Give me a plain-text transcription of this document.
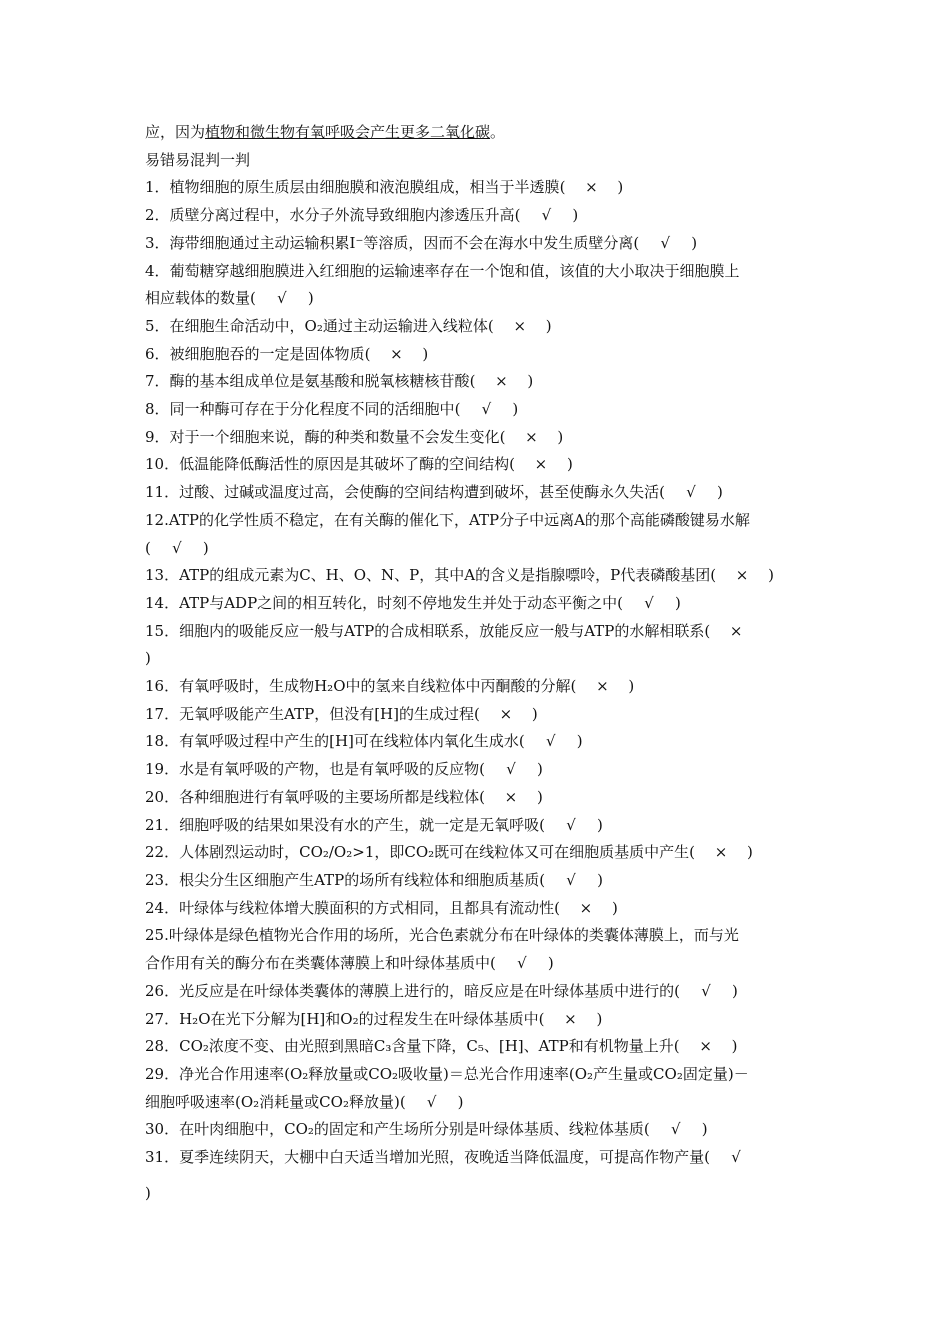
应，因为植物和微生物有氧呼吸会产生更多二氧化碳。
易错易混判一判
1．植物细胞的原生质层由细胞膜和液泡膜组成，相当于半透膜( × )
2．质壁分离过程中，水分子外流导致细胞内渗透压升高( √ )
3．海带细胞通过主动运输积累I⁻等溶质，因而不会在海水中发生质壁分离( √ )
4．葡萄糖穿越细胞膜进入红细胞的运输速率存在一个饱和值，该值的大小取决于细胞膜上
相应载体的数量( √ )
5．在细胞生命活动中，O₂通过主动运输进入线粒体( × )
6．被细胞胞吞的一定是固体物质( × )
7．酶的基本组成单位是氨基酸和脱氧核糖核苷酸( × )
8．同一种酶可存在于分化程度不同的活细胞中( √ )
9．对于一个细胞来说，酶的种类和数量不会发生变化( × )
10．低温能降低酶活性的原因是其破坏了酶的空间结构( × )
11．过酸、过碱或温度过高，会使酶的空间结构遭到破坏，甚至使酶永久失活( √ )
12.ATP的化学性质不稳定，在有关酶的催化下，ATP分子中远离A的那个高能磷酸键易水解
( √ )
13．ATP的组成元素为C、H、O、N、P，其中A的含义是指腺嘌呤，P代表磷酸基团( × )
14．ATP与ADP之间的相互转化，时刻不停地发生并处于动态平衡之中( √ )
15．细胞内的吸能反应一般与ATP的合成相联系，放能反应一般与ATP的水解相联系( ×
)
16．有氧呼吸时，生成物H₂O中的氢来自线粒体中丙酮酸的分解( × )
17．无氧呼吸能产生ATP，但没有[H]的生成过程( × )
18．有氧呼吸过程中产生的[H]可在线粒体内氧化生成水( √ )
19．水是有氧呼吸的产物，也是有氧呼吸的反应物( √ )
20．各种细胞进行有氧呼吸的主要场所都是线粒体( × )
21．细胞呼吸的结果如果没有水的产生，就一定是无氧呼吸( √ )
22．人体剧烈运动时，CO₂/O₂>1，即CO₂既可在线粒体又可在细胞质基质中产生( × )
23．根尖分生区细胞产生ATP的场所有线粒体和细胞质基质( √ )
24．叶绿体与线粒体增大膜面积的方式相同，且都具有流动性( × )
25.叶绿体是绿色植物光合作用的场所，光合色素就分布在叶绿体的类囊体薄膜上，而与光
合作用有关的酶分布在类囊体薄膜上和叶绿体基质中( √ )
26．光反应是在叶绿体类囊体的薄膜上进行的，暗反应是在叶绿体基质中进行的( √ )
27．H₂O在光下分解为[H]和O₂的过程发生在叶绿体基质中( × )
28．CO₂浓度不变、由光照到黑暗C₃含量下降，C₅、[H]、ATP和有机物量上升( × )
29．净光合作用速率(O₂释放量或CO₂吸收量)＝总光合作用速率(O₂产生量或CO₂固定量)－
细胞呼吸速率(O₂消耗量或CO₂释放量)( √ )
30．在叶肉细胞中，CO₂的固定和产生场所分别是叶绿体基质、线粒体基质( √ )
31．夏季连续阴天，大棚中白天适当增加光照，夜晚适当降低温度，可提高作物产量( √
)
